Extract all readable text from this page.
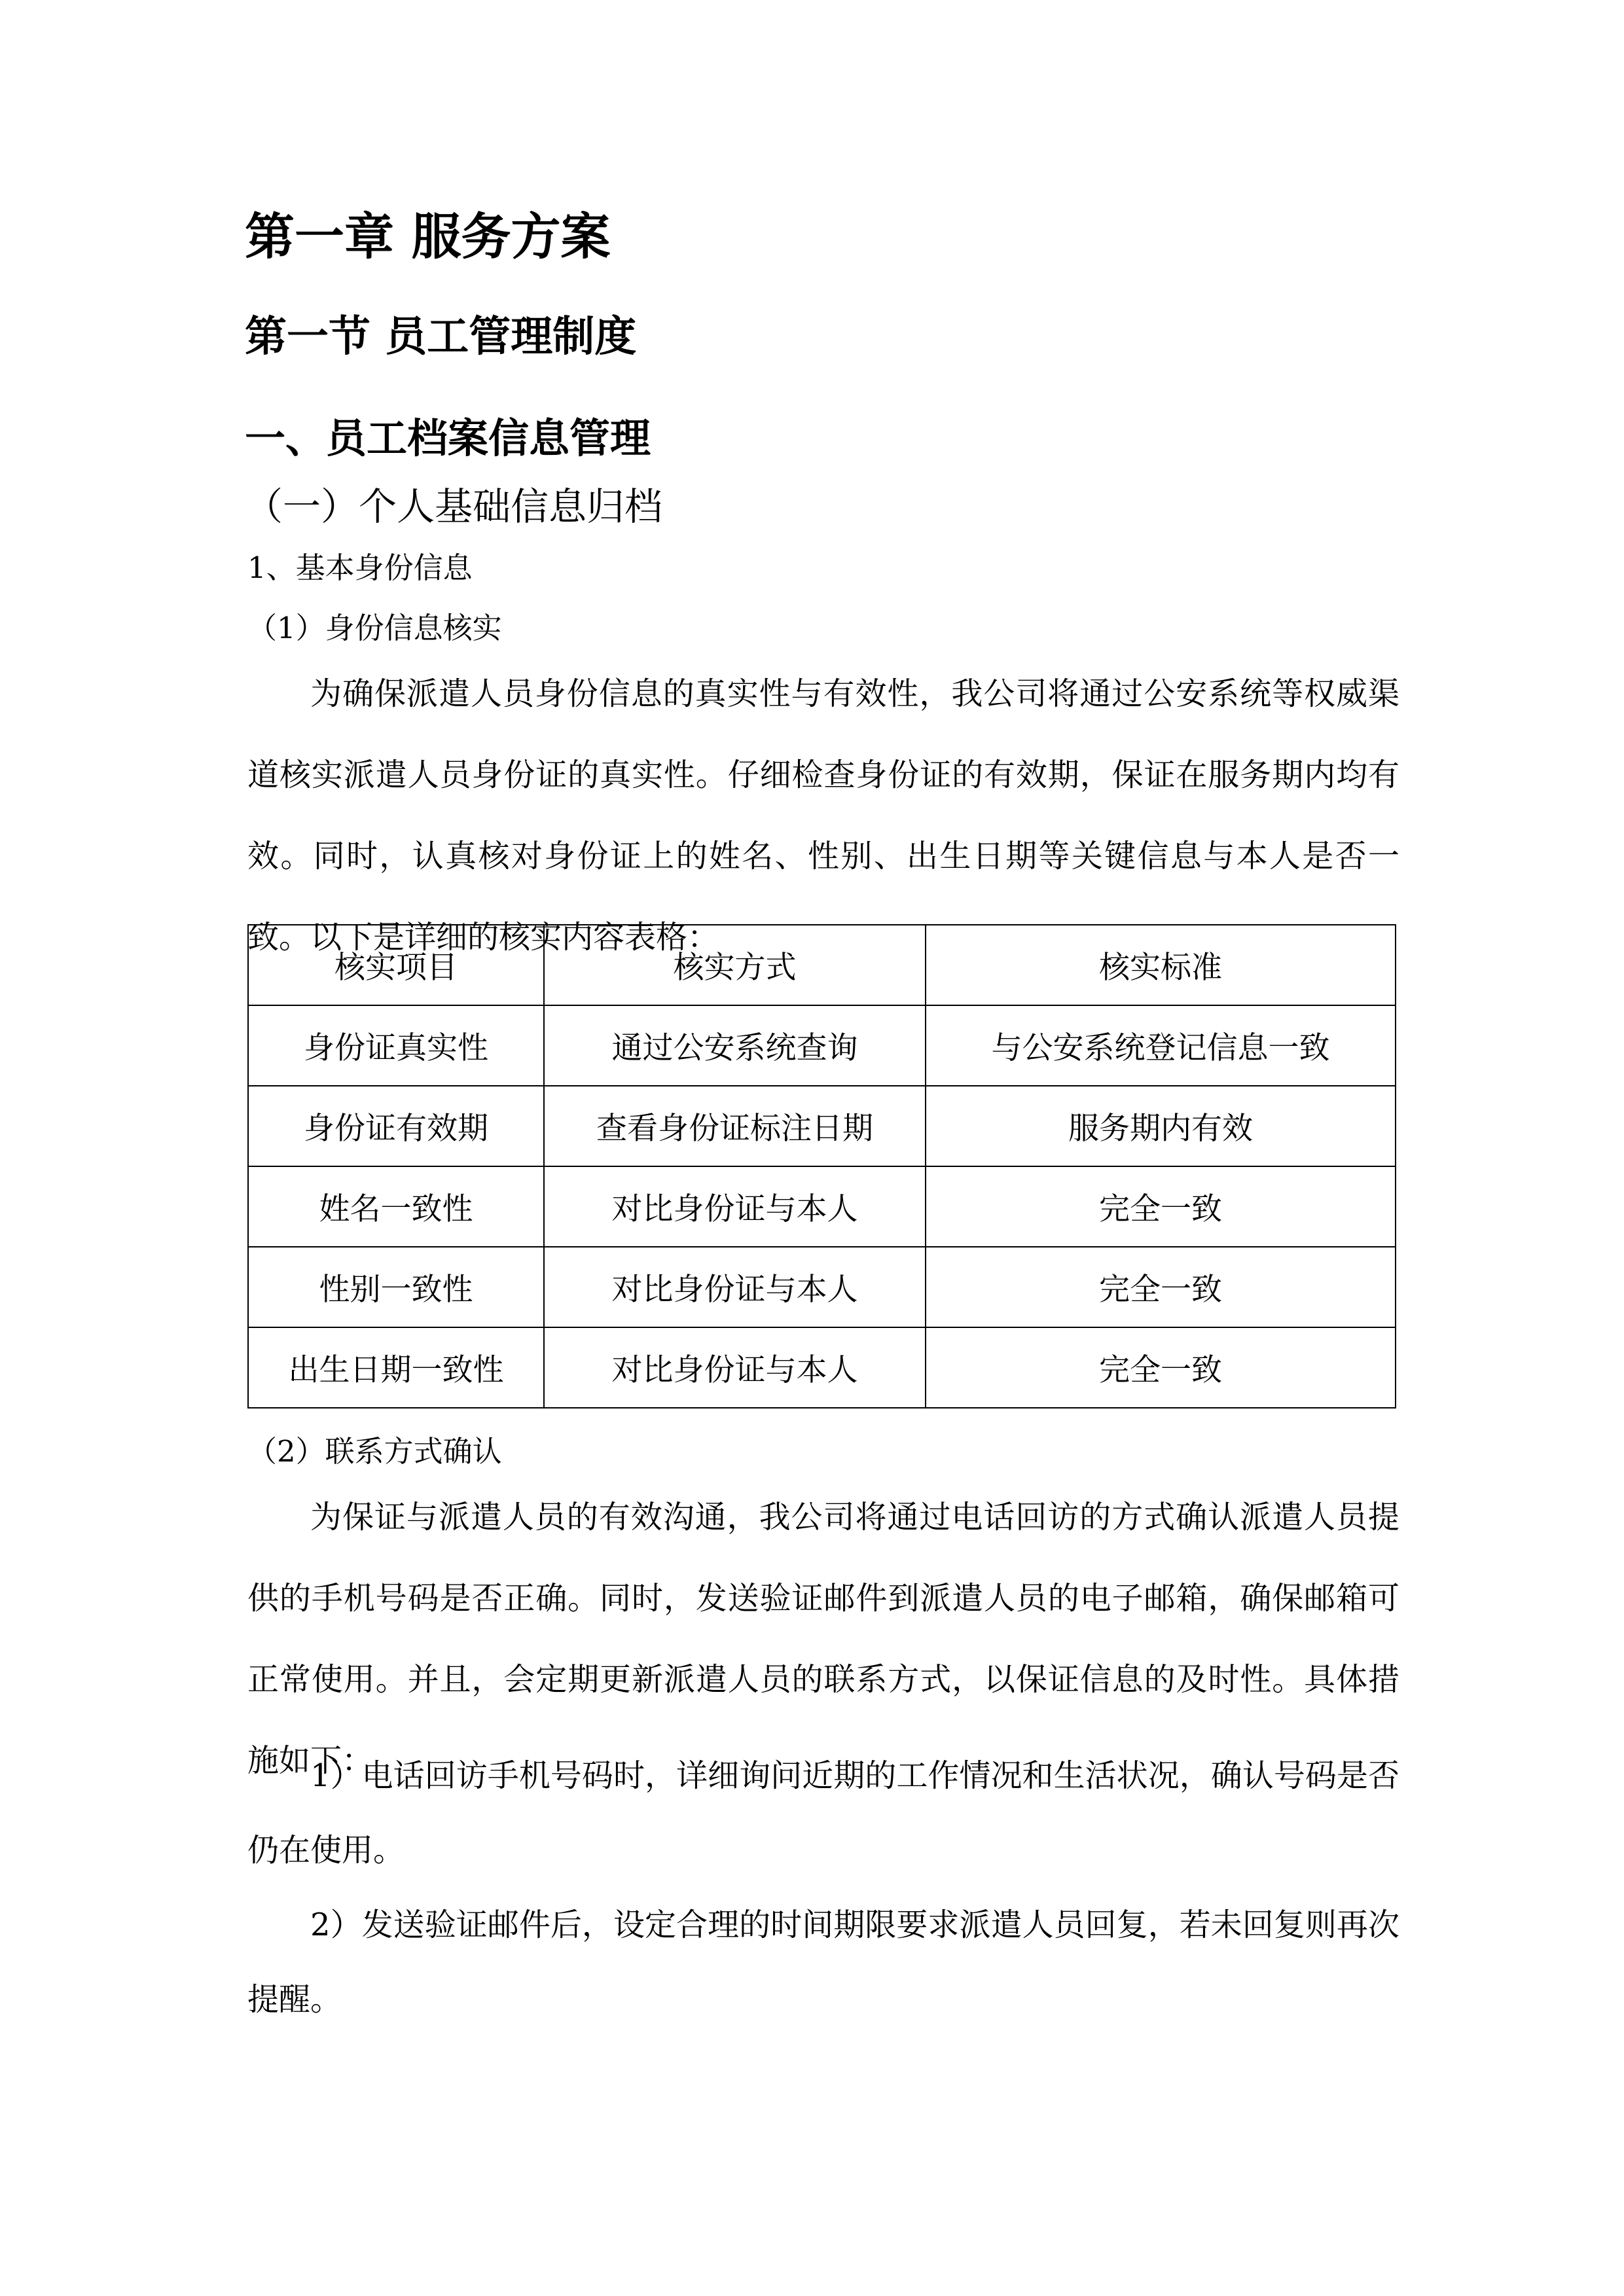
第一章 服务方案
第一节 员工管理制度
一、员工档案信息管理
（一）个人基础信息归档

1、基本身份信息

（1）身份信息核实

为确保派遣人员身份信息的真实性与有效性，我公司将通过公安系统等权威渠道核实派遣人员身份证的真实性。仔细检查身份证的有效期，保证在服务期内均有效。同时，认真核对身份证上的姓名、性别、出生日期等关键信息与本人是否一致。以下是详细的核实内容表格：

核实项目	核实方式	核实标准
身份证真实性	通过公安系统查询	与公安系统登记信息一致
身份证有效期	查看身份证标注日期	服务期内有效
姓名一致性	对比身份证与本人	完全一致
性别一致性	对比身份证与本人	完全一致
出生日期一致性	对比身份证与本人	完全一致

（2）联系方式确认

为保证与派遣人员的有效沟通，我公司将通过电话回访的方式确认派遣人员提供的手机号码是否正确。同时，发送验证邮件到派遣人员的电子邮箱，确保邮箱可正常使用。并且，会定期更新派遣人员的联系方式，以保证信息的及时性。具体措施如下：

1）电话回访手机号码时，详细询问近期的工作情况和生活状况，确认号码是否仍在使用。

2）发送验证邮件后，设定合理的时间期限要求派遣人员回复，若未回复则再次提醒。
